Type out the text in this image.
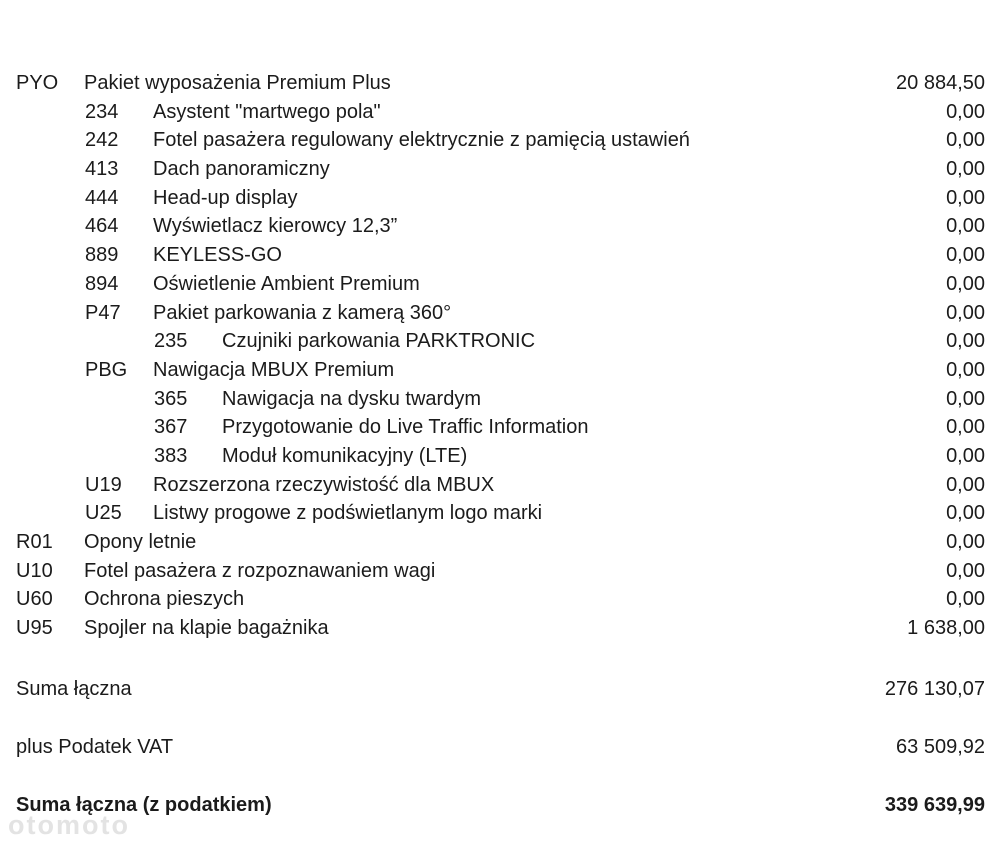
PYO	Pakiet wyposażenia Premium Plus	20 884,50
234	Asystent "martwego pola"	0,00
242	Fotel pasażera regulowany elektrycznie z pamięcią ustawień	0,00
413	Dach panoramiczny	0,00
444	Head-up display	0,00
464	Wyświetlacz kierowcy 12,3”	0,00
889	KEYLESS-GO	0,00
894	Oświetlenie Ambient Premium	0,00
P47	Pakiet parkowania z kamerą 360°	0,00
235	Czujniki parkowania PARKTRONIC	0,00
PBG	Nawigacja MBUX Premium	0,00
365	Nawigacja na dysku twardym	0,00
367	Przygotowanie do Live Traffic Information	0,00
383	Moduł komunikacyjny (LTE)	0,00
U19	Rozszerzona rzeczywistość dla MBUX	0,00
U25	Listwy progowe z podświetlanym logo marki	0,00
R01	Opony letnie	0,00
U10	Fotel pasażera z rozpoznawaniem wagi	0,00
U60	Ochrona pieszych	0,00
U95	Spojler na klapie bagażnika	1 638,00
Suma łączna	276 130,07
plus Podatek VAT	63 509,92
Suma łączna (z podatkiem)	339 639,99
otomoto
